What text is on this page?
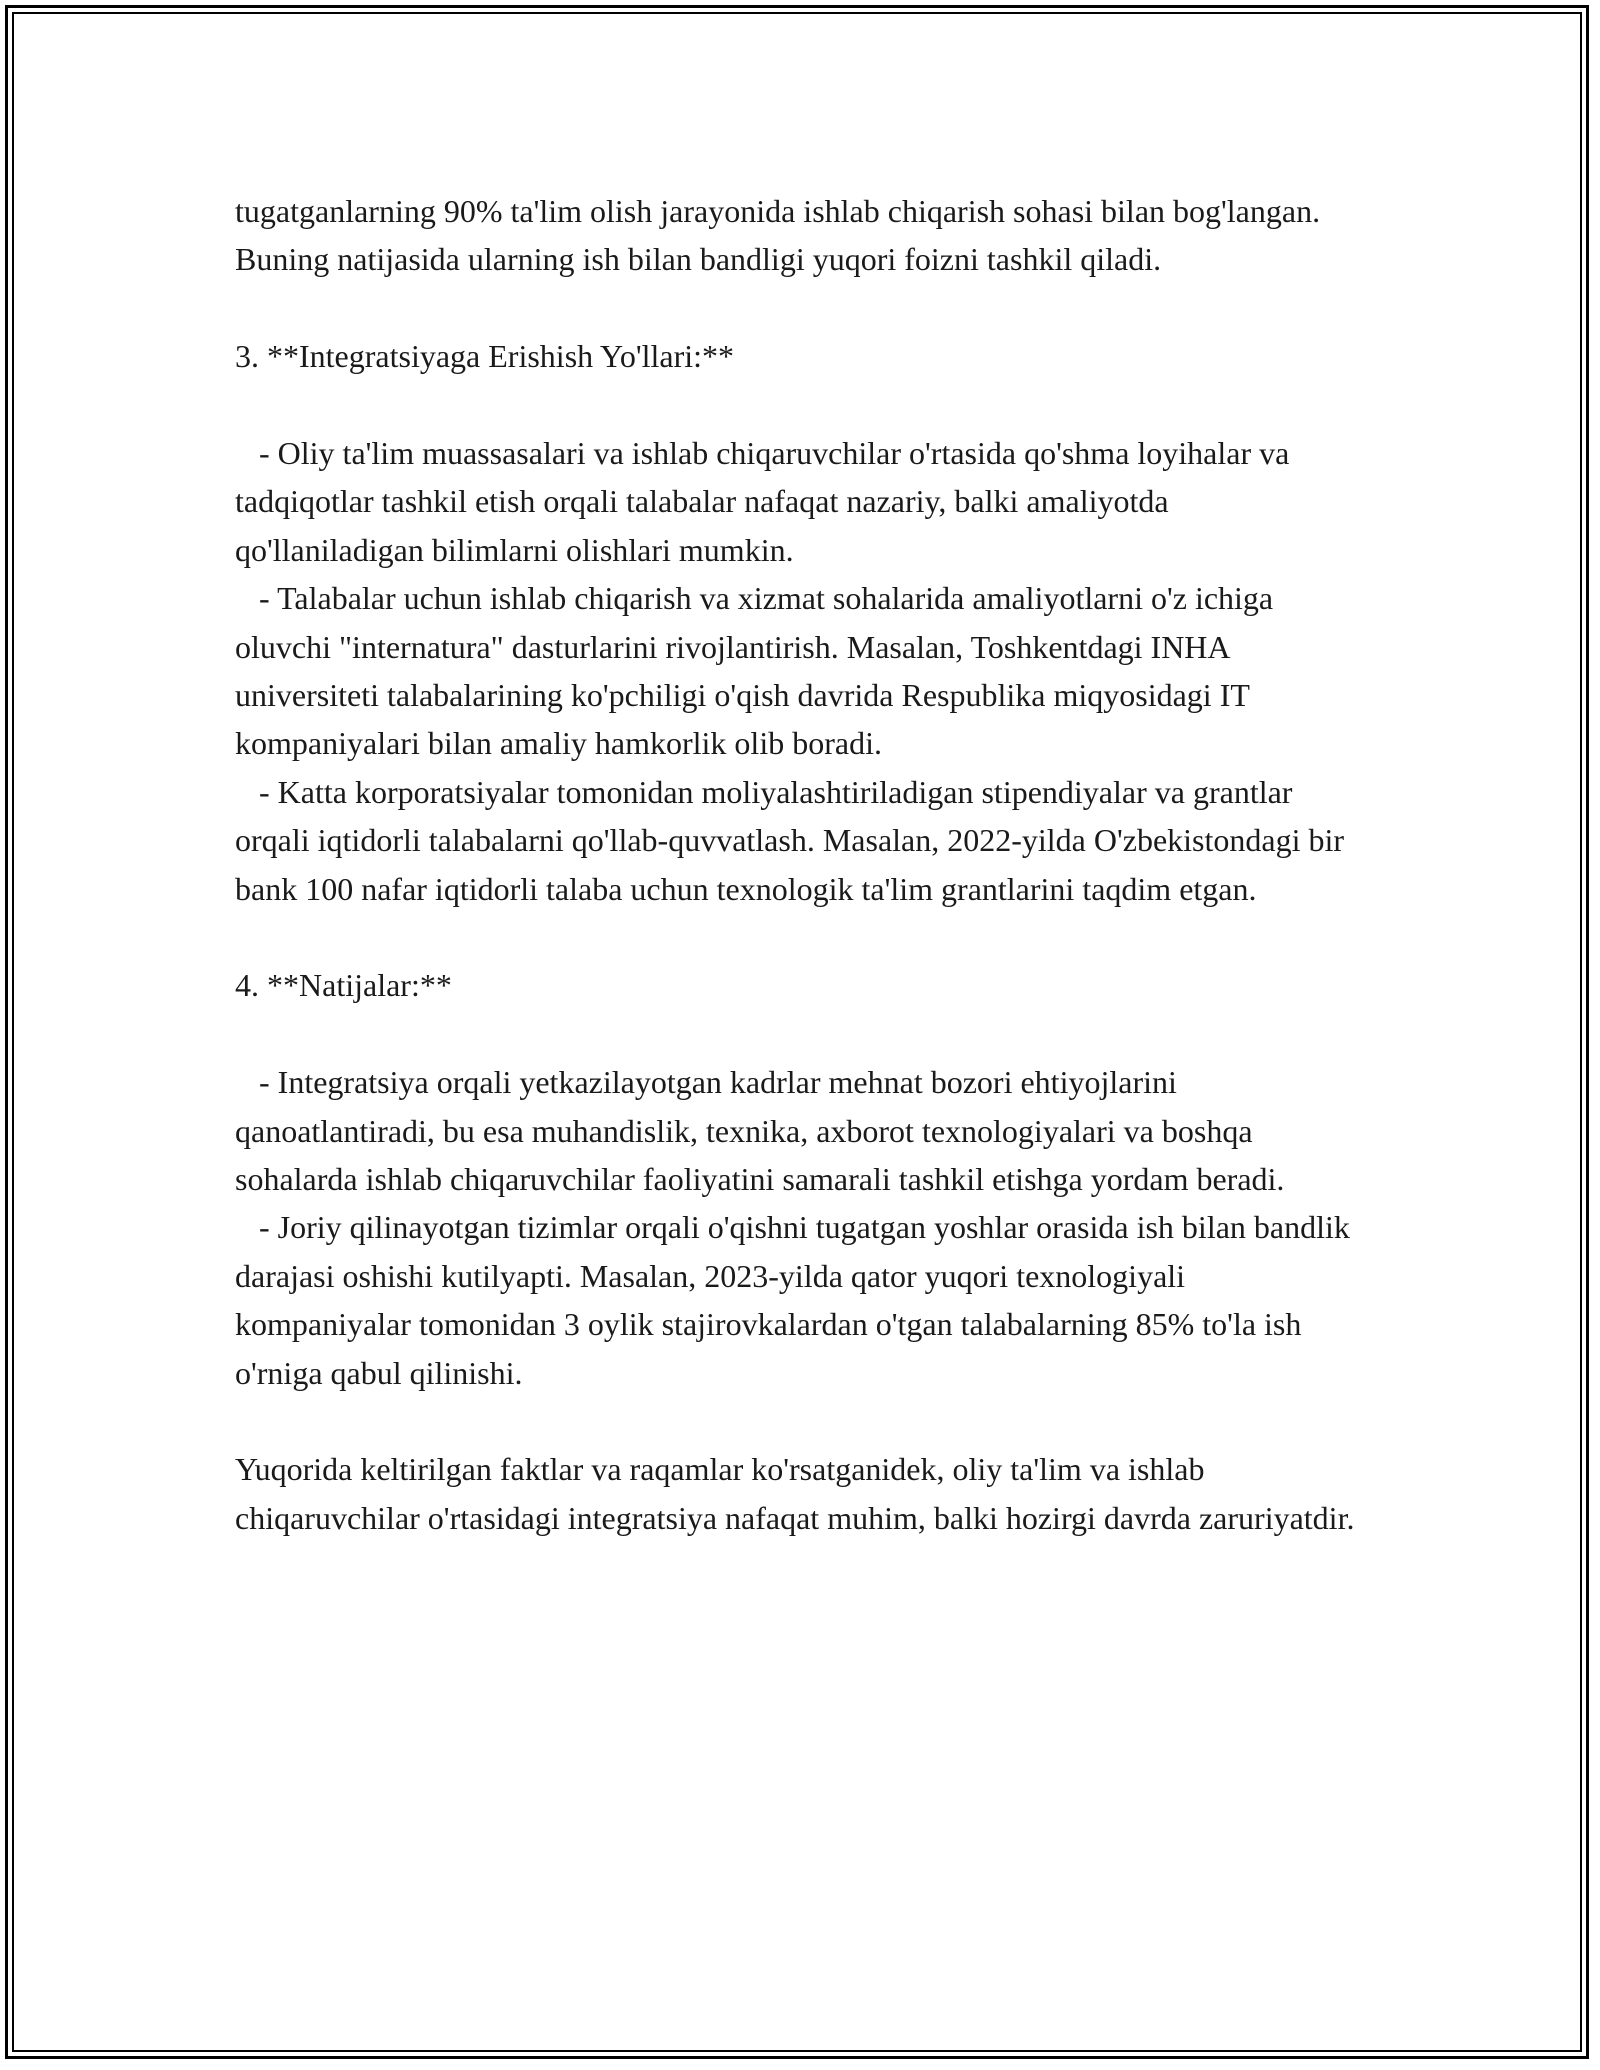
tugatganlarning 90% ta'lim olish jarayonida ishlab chiqarish sohasi bilan bog'langan. Buning natijasida ularning ish bilan bandligi yuqori foizni tashkil qiladi.

3. **Integratsiyaga Erishish Yo'llari:**

- Oliy ta'lim muassasalari va ishlab chiqaruvchilar o'rtasida qo'shma loyihalar va tadqiqotlar tashkil etish orqali talabalar nafaqat nazariy, balki amaliyotda qo'llaniladigan bilimlarni olishlari mumkin.

- Talabalar uchun ishlab chiqarish va xizmat sohalarida amaliyotlarni o'z ichiga oluvchi "internatura" dasturlarini rivojlantirish. Masalan, Toshkentdagi INHA universiteti talabalarining ko'pchiligi o'qish davrida Respublika miqyosidagi IT kompaniyalari bilan amaliy hamkorlik olib boradi.

- Katta korporatsiyalar tomonidan moliyalashtiriladigan stipendiyalar va grantlar orqali iqtidorli talabalarni qo'llab-quvvatlash. Masalan, 2022-yilda O'zbekistondagi bir bank 100 nafar iqtidorli talaba uchun texnologik ta'lim grantlarini taqdim etgan.

4. **Natijalar:**

- Integratsiya orqali yetkazilayotgan kadrlar mehnat bozori ehtiyojlarini qanoatlantiradi, bu esa muhandislik, texnika, axborot texnologiyalari va boshqa sohalarda ishlab chiqaruvchilar faoliyatini samarali tashkil etishga yordam beradi.

- Joriy qilinayotgan tizimlar orqali o'qishni tugatgan yoshlar orasida ish bilan bandlik darajasi oshishi kutilyapti. Masalan, 2023-yilda qator yuqori texnologiyali kompaniyalar tomonidan 3 oylik stajirovkalardan o'tgan talabalarning 85% to'la ish o'rniga qabul qilinishi.

Yuqorida keltirilgan faktlar va raqamlar ko'rsatganidek, oliy ta'lim va ishlab chiqaruvchilar o'rtasidagi integratsiya nafaqat muhim, balki hozirgi davrda zaruriyatdir.
